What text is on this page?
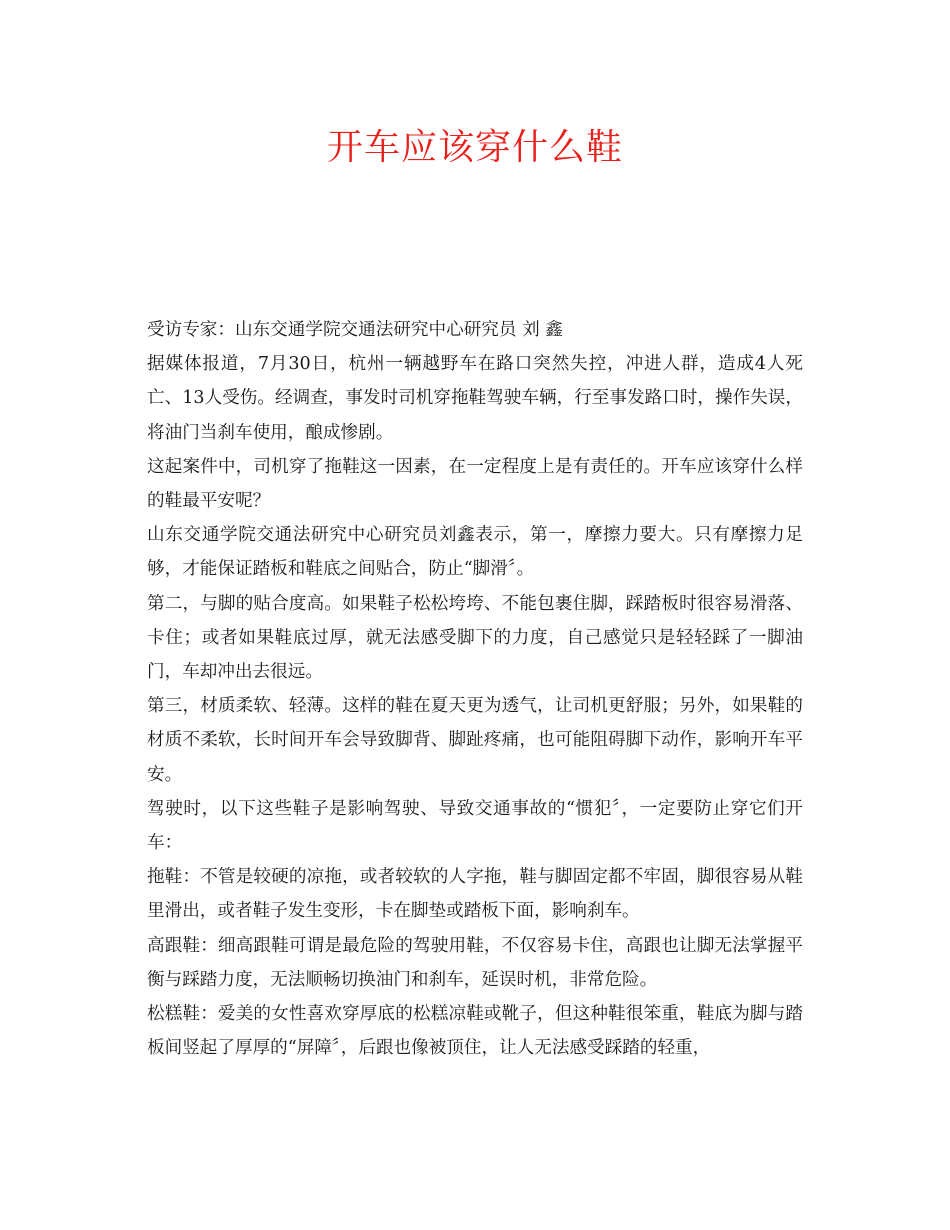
开车应该穿什么鞋

受访专家：山东交通学院交通法研究中心研究员 刘 鑫

据媒体报道，7月30日，杭州一辆越野车在路口突然失控，冲进人群，造成4人死亡、13人受伤。经调查，事发时司机穿拖鞋驾驶车辆，行至事发路口时，操作失误，将油门当刹车使用，酿成惨剧。

这起案件中，司机穿了拖鞋这一因素，在一定程度上是有责任的。开车应该穿什么样的鞋最平安呢？

山东交通学院交通法研究中心研究员刘鑫表示，第一，摩擦力要大。只有摩擦力足够，才能保证踏板和鞋底之间贴合，防止“脚滑〞。

第二，与脚的贴合度高。如果鞋子松松垮垮、不能包裹住脚，踩踏板时很容易滑落、卡住；或者如果鞋底过厚，就无法感受脚下的力度，自己感觉只是轻轻踩了一脚油门，车却冲出去很远。

第三，材质柔软、轻薄。这样的鞋在夏天更为透气，让司机更舒服；另外，如果鞋的材质不柔软，长时间开车会导致脚背、脚趾疼痛，也可能阻碍脚下动作，影响开车平安。

驾驶时，以下这些鞋子是影响驾驶、导致交通事故的“惯犯〞，一定要防止穿它们开车：

拖鞋：不管是较硬的凉拖，或者较软的人字拖，鞋与脚固定都不牢固，脚很容易从鞋里滑出，或者鞋子发生变形，卡在脚垫或踏板下面，影响刹车。

高跟鞋：细高跟鞋可谓是最危险的驾驶用鞋，不仅容易卡住，高跟也让脚无法掌握平衡与踩踏力度，无法顺畅切换油门和刹车，延误时机，非常危险。

松糕鞋：爱美的女性喜欢穿厚底的松糕凉鞋或靴子，但这种鞋很笨重，鞋底为脚与踏板间竖起了厚厚的“屏障〞，后跟也像被顶住，让人无法感受踩踏的轻重，
